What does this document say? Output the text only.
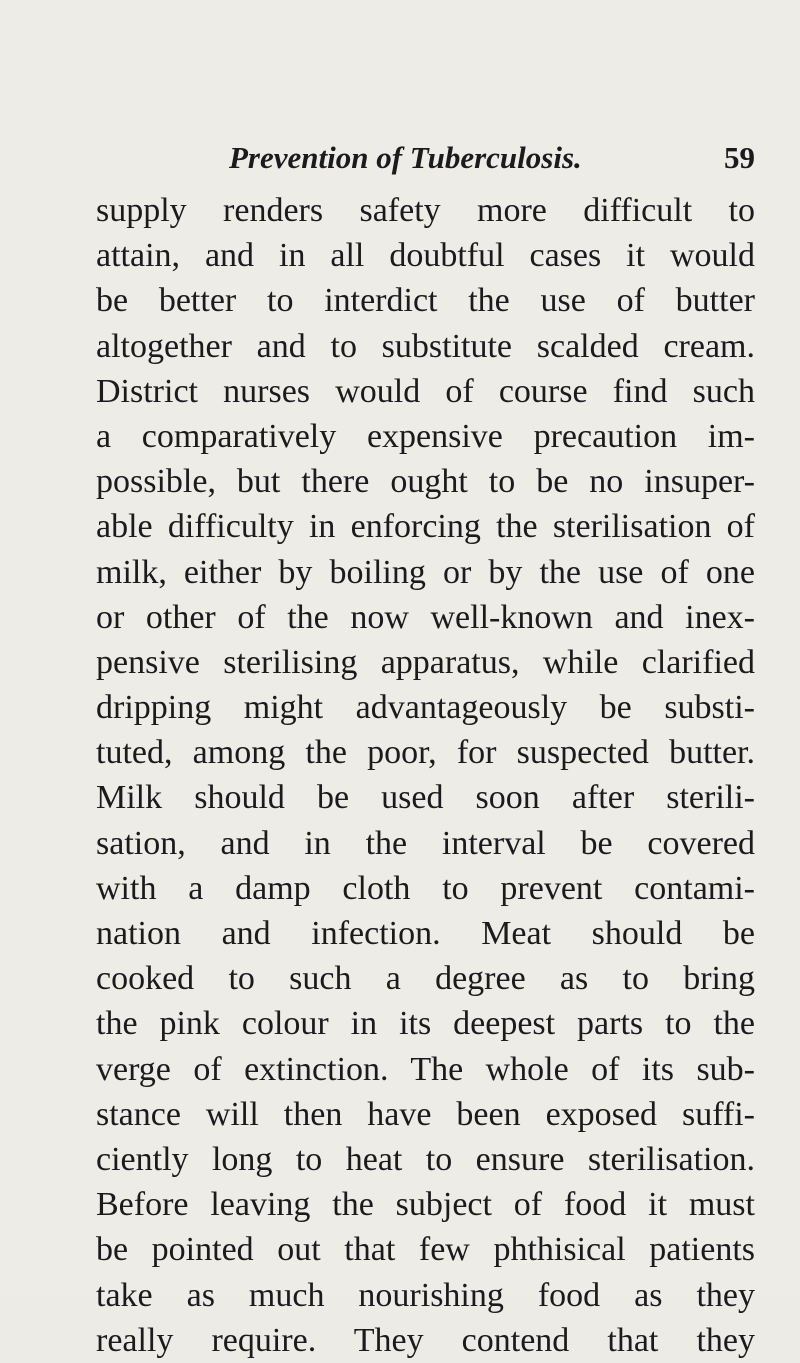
Prevention of Tuberculosis.	59
supply renders safety more difficult to
attain, and in all doubtful cases it would
be better to interdict the use of butter
altogether and to substitute scalded cream.
District nurses would of course find such
a comparatively expensive precaution im-
possible, but there ought to be no insuper-
able difficulty in enforcing the sterilisation of
milk, either by boiling or by the use of one
or other of the now well-known and inex-
pensive sterilising apparatus, while clarified
dripping might advantageously be substi-
tuted, among the poor, for suspected butter.
Milk should be used soon after sterili-
sation, and in the interval be covered
with a damp cloth to prevent contami-
nation and infection. Meat should be
cooked to such a degree as to bring
the pink colour in its deepest parts to the
verge of extinction. The whole of its sub-
stance will then have been exposed suffi-
ciently long to heat to ensure sterilisation.
Before leaving the subject of food it must
be pointed out that few phthisical patients
take as much nourishing food as they
really require. They contend that they
